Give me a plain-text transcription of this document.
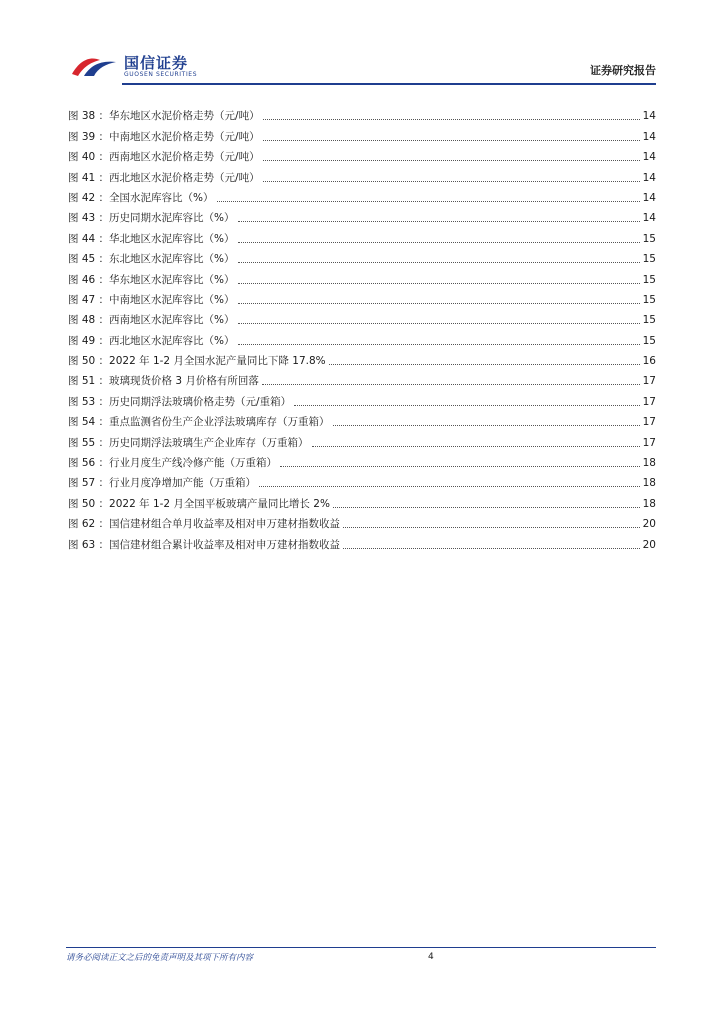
国信证券
GUOSEN SECURITIES	证券研究报告
图 38 ： 华东地区水泥价格走势（元/吨）	14
图 39 ： 中南地区水泥价格走势（元/吨）	14
图 40 ： 西南地区水泥价格走势（元/吨）	14
图 41 ： 西北地区水泥价格走势（元/吨）	14
图 42 ： 全国水泥库容比（%）	14
图 43 ： 历史同期水泥库容比（%）	14
图 44 ： 华北地区水泥库容比（%）	15
图 45 ： 东北地区水泥库容比（%）	15
图 46 ： 华东地区水泥库容比（%）	15
图 47 ： 中南地区水泥库容比（%）	15
图 48 ： 西南地区水泥库容比（%）	15
图 49 ： 西北地区水泥库容比（%）	15
图 50 ： 2022 年 1-2 月全国水泥产量同比下降 17.8%	16
图 51 ： 玻璃现货价格 3 月价格有所回落	17
图 53 ： 历史同期浮法玻璃价格走势（元/重箱）	17
图 54 ： 重点监测省份生产企业浮法玻璃库存（万重箱）	17
图 55 ： 历史同期浮法玻璃生产企业库存（万重箱）	17
图 56 ： 行业月度生产线冷修产能（万重箱）	18
图 57 ： 行业月度净增加产能（万重箱）	18
图 50 ： 2022 年 1-2 月全国平板玻璃产量同比增长 2%	18
图 62 ： 国信建材组合单月收益率及相对申万建材指数收益	20
图 63 ： 国信建材组合累计收益率及相对申万建材指数收益	20
请务必阅读正文之后的免责声明及其项下所有内容	4
